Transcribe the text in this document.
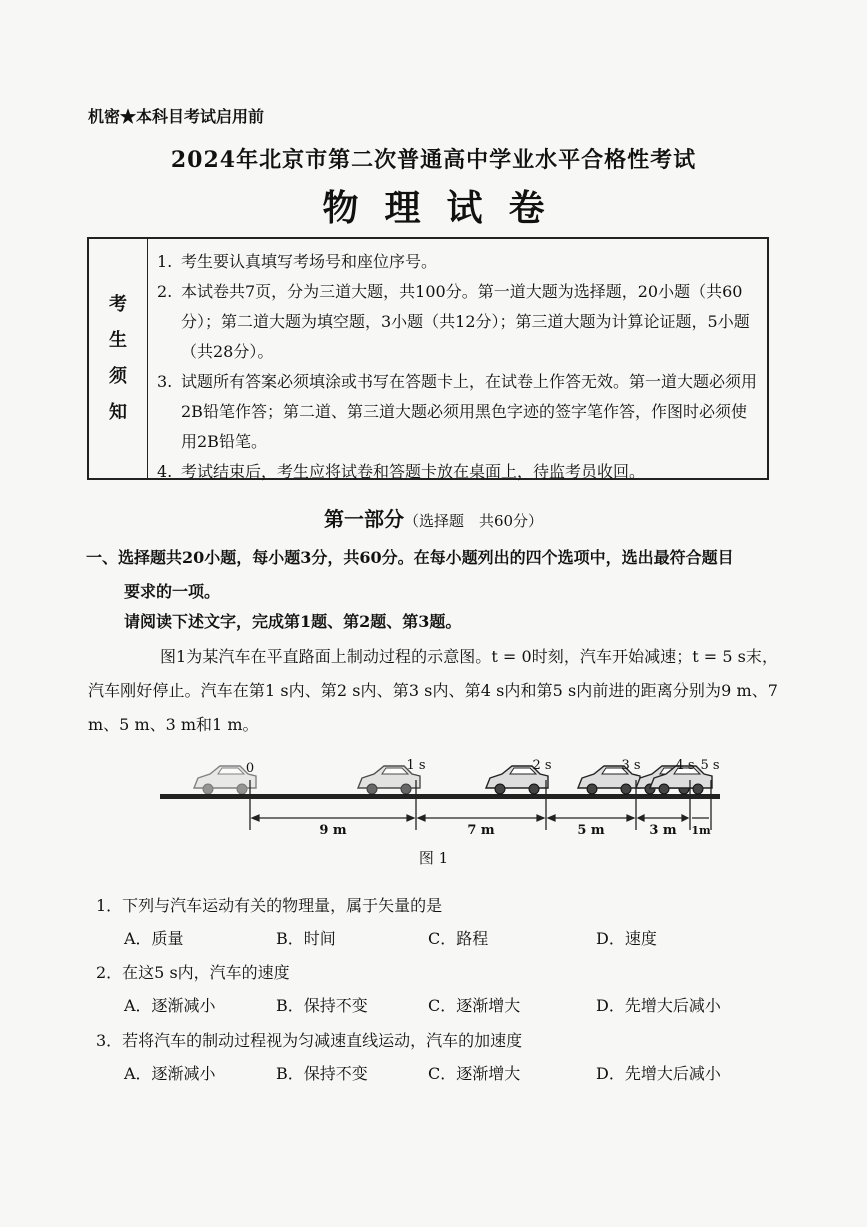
机密★本科目考试启用前
2024年北京市第二次普通高中学业水平合格性考试
物理试卷
考
生
须
知
1. 考生要认真填写考场号和座位序号。
2. 本试卷共7页，分为三道大题，共100分。第一道大题为选择题，20小题（共60分）；第二道大题为填空题，3小题（共12分）；第三道大题为计算论证题，5小题（共28分）。
3. 试题所有答案必须填涂或书写在答题卡上，在试卷上作答无效。第一道大题必须用2B铅笔作答；第二道、第三道大题必须用黑色字迹的签字笔作答，作图时必须使用2B铅笔。
4. 考试结束后，考生应将试卷和答题卡放在桌面上，待监考员收回。
第一部分（选择题　共60分）
一、选择题共20小题，每小题3分，共60分。在每小题列出的四个选项中，选出最符合题目
要求的一项。
请阅读下述文字，完成第1题、第2题、第3题。
图1为某汽车在平直路面上制动过程的示意图。t = 0时刻，汽车开始减速；t = 5 s末，汽车刚好停止。汽车在第1 s内、第2 s内、第3 s内、第4 s内和第5 s内前进的距离分别为9 m、7 m、5 m、3 m和1 m。
0	1 s	2 s	3 s	4 s 5 s
9 m	7 m	5 m	3 m 1m
图 1
1．下列与汽车运动有关的物理量，属于矢量的是
A．质量	B．时间	C．路程	D．速度
2．在这5 s内，汽车的速度
A．逐渐减小	B．保持不变	C．逐渐增大	D．先增大后减小
3．若将汽车的制动过程视为匀减速直线运动，汽车的加速度
A．逐渐减小	B．保持不变	C．逐渐增大	D．先增大后减小
